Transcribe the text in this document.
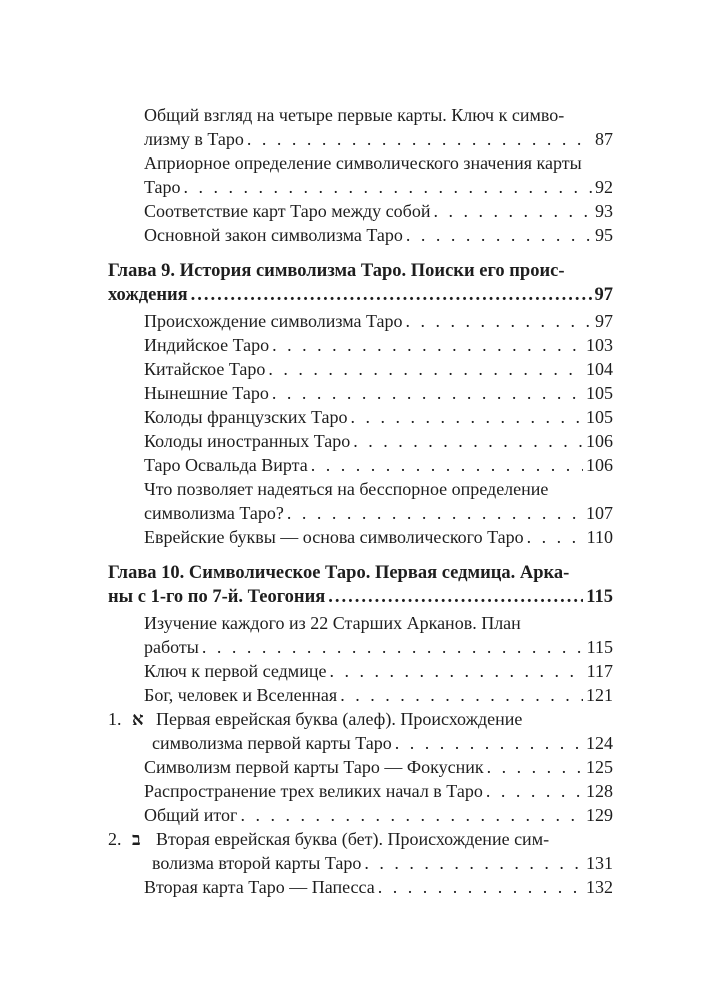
Общий взгляд на четыре первые карты. Ключ к симво-
лизму в Таро . . .	87
Априорное определение символического значения карты
Таро . . .	92
Соответствие карт Таро между собой . . .	93
Основной закон символизма Таро . . .	95
Глава 9. История символизма Таро. Поиски его проис-
хождения .....	97
Происхождение символизма Таро . . .	97
Индийское Таро . . .	103
Китайское Таро . . .	104
Нынешние Таро . . .	105
Колоды французских Таро . . .	105
Колоды иностранных Таро . . .	106
Таро Освальда Вирта . . .	106
Что позволяет надеяться на бесспорное определение
символизма Таро? . . .	107
Еврейские буквы — основа символического Таро . . .	110
Глава 10. Символическое Таро. Первая седмица. Арка-
ны с 1-го по 7-й. Теогония .....	115
Изучение каждого из 22 Старших Арканов. План
работы . . .	115
Ключ к первой седмице . . .	117
Бог, человек и Вселенная . . .	121
1. א Первая еврейская буква (алеф). Происхождение
символизма первой карты Таро . . .	124
Символизм первой карты Таро — Фокусник . . .	125
Распространение трех великих начал в Таро . . .	128
Общий итог . . .	129
2. ב Вторая еврейская буква (бет). Происхождение сим-
волизма второй карты Таро . . .	131
Вторая карта Таро — Папесса . . .	132
